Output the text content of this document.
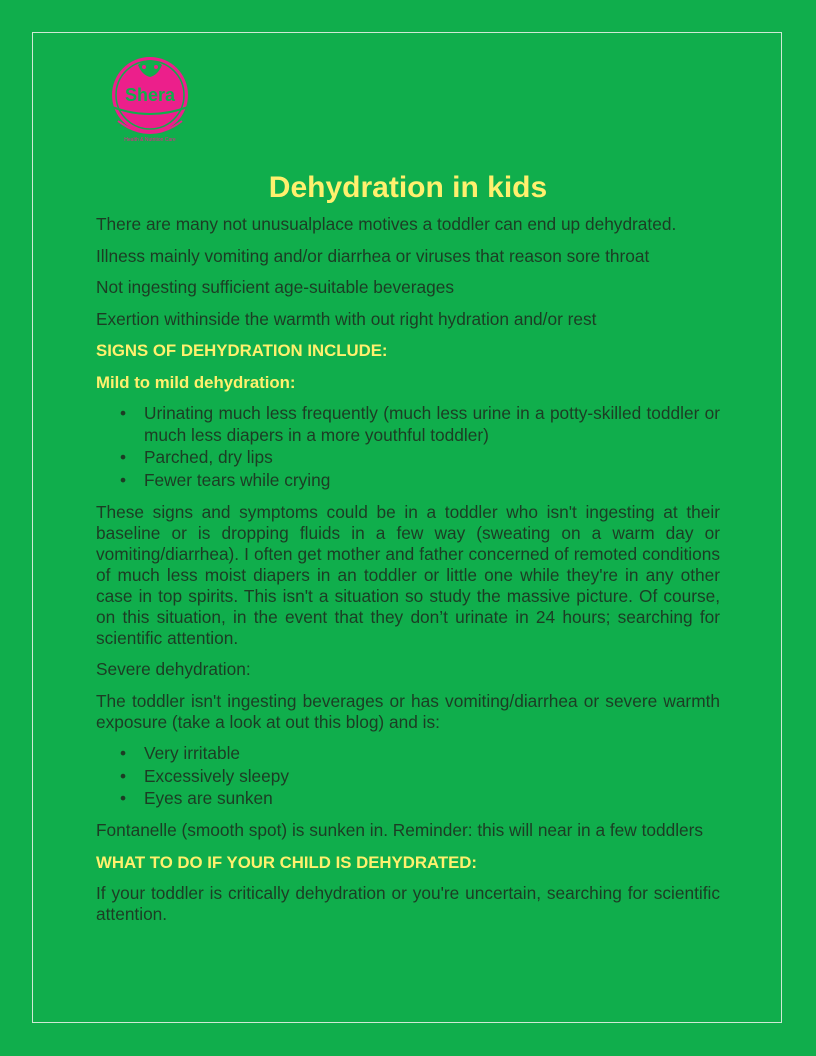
Shera
Health & Nutrition Care
Dehydration in kids

There are many not unusualplace motives a toddler can end up dehydrated.

Illness mainly vomiting and/or diarrhea or viruses that reason sore throat

Not ingesting sufficient age-suitable beverages

Exertion withinside the warmth with out right hydration and/or rest

SIGNS OF DEHYDRATION INCLUDE:

Mild to mild dehydration:

• Urinating much less frequently (much less urine in a potty-skilled toddler or much less diapers in a more youthful toddler)
• Parched, dry lips
• Fewer tears while crying

These signs and symptoms could be in a toddler who isn't ingesting at their baseline or is dropping fluids in a few way (sweating on a warm day or vomiting/diarrhea). I often get mother and father concerned of remoted conditions of much less moist diapers in an toddler or little one while they're in any other case in top spirits. This isn't a situation so study the massive picture. Of course, on this situation, in the event that they don’t urinate in 24 hours; searching for scientific attention.

Severe dehydration:

The toddler isn't ingesting beverages or has vomiting/diarrhea or severe warmth exposure (take a look at out this blog) and is:

• Very irritable
• Excessively sleepy
• Eyes are sunken

Fontanelle (smooth spot) is sunken in. Reminder: this will near in a few toddlers

WHAT TO DO IF YOUR CHILD IS DEHYDRATED:

If your toddler is critically dehydration or you're uncertain, searching for scientific attention.
